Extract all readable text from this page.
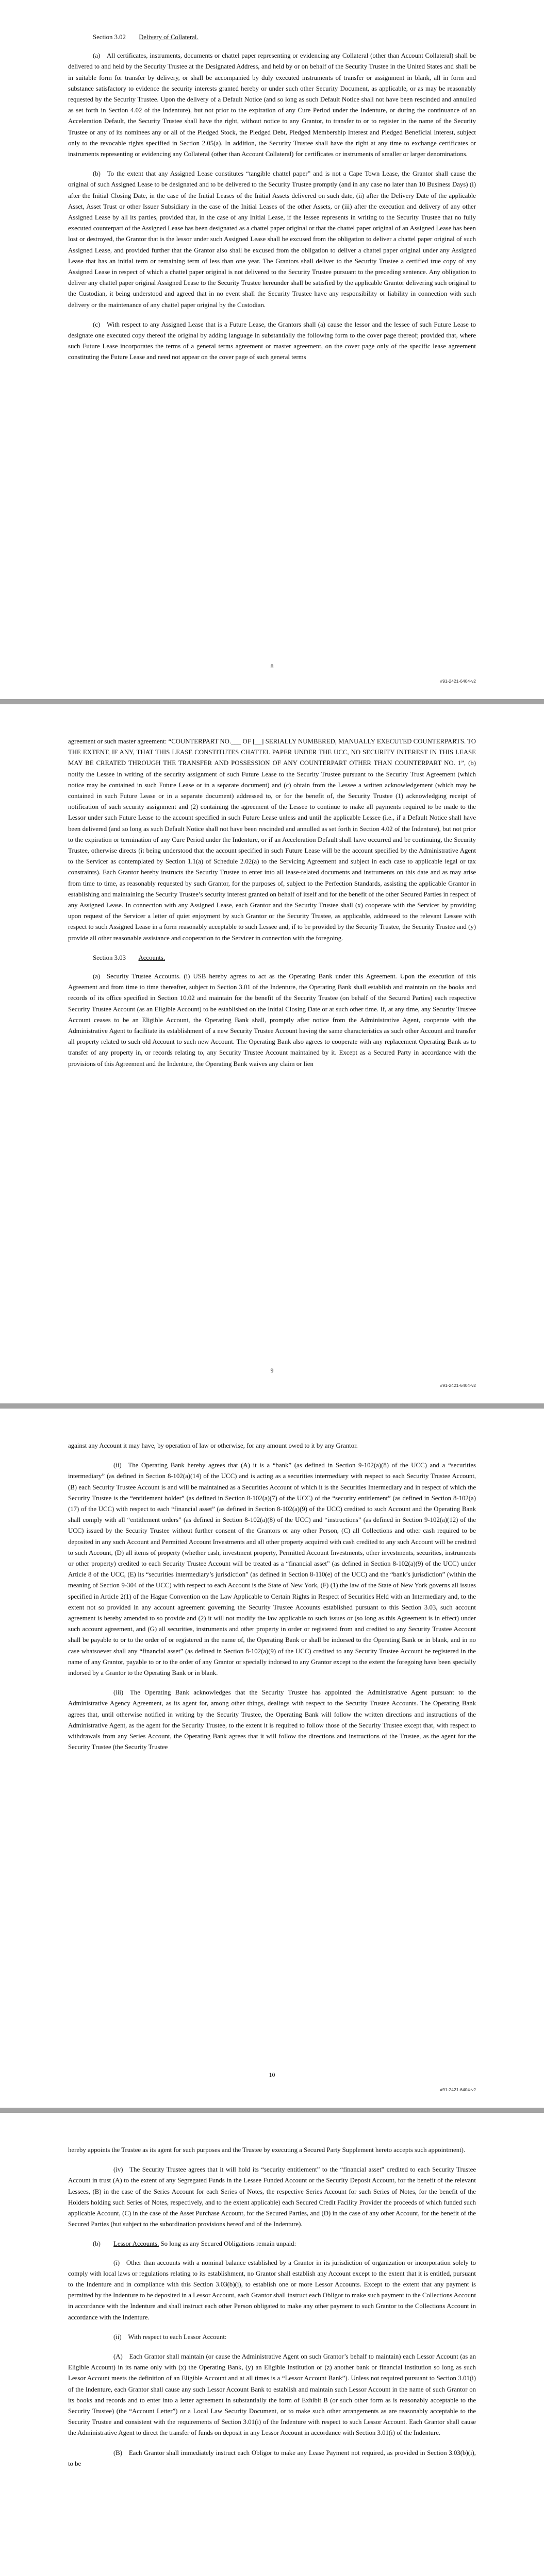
Section 3.02 Delivery of Collateral.

(a) All certificates, instruments, documents or chattel paper representing or evidencing any Collateral (other than Account Collateral) shall be delivered to and held by the Security Trustee at the Designated Address, and held by or on behalf of the Security Trustee in the United States and shall be in suitable form for transfer by delivery, or shall be accompanied by duly executed instruments of transfer or assignment in blank, all in form and substance satisfactory to evidence the security interests granted hereby or under such other Security Document, as applicable, or as may be reasonably requested by the Security Trustee. Upon the delivery of a Default Notice (and so long as such Default Notice shall not have been rescinded and annulled as set forth in Section 4.02 of the Indenture), but not prior to the expiration of any Cure Period under the Indenture, or during the continuance of an Acceleration Default, the Security Trustee shall have the right, without notice to any Grantor, to transfer to or to register in the name of the Security Trustee or any of its nominees any or all of the Pledged Stock, the Pledged Debt, Pledged Membership Interest and Pledged Beneficial Interest, subject only to the revocable rights specified in Section 2.05(a). In addition, the Security Trustee shall have the right at any time to exchange certificates or instruments representing or evidencing any Collateral (other than Account Collateral) for certificates or instruments of smaller or larger denominations.

(b) To the extent that any Assigned Lease constitutes “tangible chattel paper” and is not a Cape Town Lease, the Grantor shall cause the original of such Assigned Lease to be designated and to be delivered to the Security Trustee promptly (and in any case no later than 10 Business Days) (i) after the Initial Closing Date, in the case of the Initial Leases of the Initial Assets delivered on such date, (ii) after the Delivery Date of the applicable Asset, Asset Trust or other Issuer Subsidiary in the case of the Initial Leases of the other Assets, or (iii) after the execution and delivery of any other Assigned Lease by all its parties, provided that, in the case of any Initial Lease, if the lessee represents in writing to the Security Trustee that no fully executed counterpart of the Assigned Lease has been designated as a chattel paper original or that the chattel paper original of an Assigned Lease has been lost or destroyed, the Grantor that is the lessor under such Assigned Lease shall be excused from the obligation to deliver a chattel paper original of such Assigned Lease, and provided further that the Grantor also shall be excused from the obligation to deliver a chattel paper original under any Assigned Lease that has an initial term or remaining term of less than one year. The Grantors shall deliver to the Security Trustee a certified true copy of any Assigned Lease in respect of which a chattel paper original is not delivered to the Security Trustee pursuant to the preceding sentence. Any obligation to deliver any chattel paper original Assigned Lease to the Security Trustee hereunder shall be satisfied by the applicable Grantor delivering such original to the Custodian, it being understood and agreed that in no event shall the Security Trustee have any responsibility or liability in connection with such delivery or the maintenance of any chattel paper original by the Custodian.

(c) With respect to any Assigned Lease that is a Future Lease, the Grantors shall (a) cause the lessor and the lessee of such Future Lease to designate one executed copy thereof the original by adding language in substantially the following form to the cover page thereof; provided that, where such Future Lease incorporates the terms of a general terms agreement or master agreement, on the cover page only of the specific lease agreement constituting the Future Lease and need not appear on the cover page of such general terms

8
#91-2421-6404-v2

agreement or such master agreement: “COUNTERPART NO.___ OF [__] SERIALLY NUMBERED, MANUALLY EXECUTED COUNTERPARTS. TO THE EXTENT, IF ANY, THAT THIS LEASE CONSTITUTES CHATTEL PAPER UNDER THE UCC, NO SECURITY INTEREST IN THIS LEASE MAY BE CREATED THROUGH THE TRANSFER AND POSSESSION OF ANY COUNTERPART OTHER THAN COUNTERPART NO. 1”, (b) notify the Lessee in writing of the security assignment of such Future Lease to the Security Trustee pursuant to the Security Trust Agreement (which notice may be contained in such Future Lease or in a separate document) and (c) obtain from the Lessee a written acknowledgement (which may be contained in such Future Lease or in a separate document) addressed to, or for the benefit of, the Security Trustee (1) acknowledging receipt of notification of such security assignment and (2) containing the agreement of the Lessee to continue to make all payments required to be made to the Lessor under such Future Lease to the account specified in such Future Lease unless and until the applicable Lessee (i.e., if a Default Notice shall have been delivered (and so long as such Default Notice shall not have been rescinded and annulled as set forth in Section 4.02 of the Indenture), but not prior to the expiration or termination of any Cure Period under the Indenture, or if an Acceleration Default shall have occurred and be continuing, the Security Trustee, otherwise directs (it being understood that the account specified in such Future Lease will be the account specified by the Administrative Agent to the Servicer as contemplated by Section 1.1(a) of Schedule 2.02(a) to the Servicing Agreement and subject in each case to applicable legal or tax constraints). Each Grantor hereby instructs the Security Trustee to enter into all lease-related documents and instruments on this date and as may arise from time to time, as reasonably requested by such Grantor, for the purposes of, subject to the Perfection Standards, assisting the applicable Grantor in establishing and maintaining the Security Trustee’s security interest granted on behalf of itself and for the benefit of the other Secured Parties in respect of any Assigned Lease. In connection with any Assigned Lease, each Grantor and the Security Trustee shall (x) cooperate with the Servicer by providing upon request of the Servicer a letter of quiet enjoyment by such Grantor or the Security Trustee, as applicable, addressed to the relevant Lessee with respect to such Assigned Lease in a form reasonably acceptable to such Lessee and, if to be provided by the Security Trustee, the Security Trustee and (y) provide all other reasonable assistance and cooperation to the Servicer in connection with the foregoing.

Section 3.03 Accounts.

(a) Security Trustee Accounts. (i) USB hereby agrees to act as the Operating Bank under this Agreement. Upon the execution of this Agreement and from time to time thereafter, subject to Section 3.01 of the Indenture, the Operating Bank shall establish and maintain on the books and records of its office specified in Section 10.02 and maintain for the benefit of the Security Trustee (on behalf of the Secured Parties) each respective Security Trustee Account (as an Eligible Account) to be established on the Initial Closing Date or at such other time. If, at any time, any Security Trustee Account ceases to be an Eligible Account, the Operating Bank shall, promptly after notice from the Administrative Agent, cooperate with the Administrative Agent to facilitate its establishment of a new Security Trustee Account having the same characteristics as such other Account and transfer all property related to such old Account to such new Account. The Operating Bank also agrees to cooperate with any replacement Operating Bank as to transfer of any property in, or records relating to, any Security Trustee Account maintained by it. Except as a Secured Party in accordance with the provisions of this Agreement and the Indenture, the Operating Bank waives any claim or lien

9
#91-2421-6404-v2

against any Account it may have, by operation of law or otherwise, for any amount owed to it by any Grantor.

(ii) The Operating Bank hereby agrees that (A) it is a “bank” (as defined in Section 9-102(a)(8) of the UCC) and a “securities intermediary” (as defined in Section 8-102(a)(14) of the UCC) and is acting as a securities intermediary with respect to each Security Trustee Account, (B) each Security Trustee Account is and will be maintained as a Securities Account of which it is the Securities Intermediary and in respect of which the Security Trustee is the “entitlement holder” (as defined in Section 8-102(a)(7) of the UCC) of the “security entitlement” (as defined in Section 8-102(a)(17) of the UCC) with respect to each “financial asset” (as defined in Section 8-102(a)(9) of the UCC) credited to such Account and the Operating Bank shall comply with all “entitlement orders” (as defined in Section 8-102(a)(8) of the UCC) and “instructions” (as defined in Section 9-102(a)(12) of the UCC) issued by the Security Trustee without further consent of the Grantors or any other Person, (C) all Collections and other cash required to be deposited in any such Account and Permitted Account Investments and all other property acquired with cash credited to any such Account will be credited to such Account, (D) all items of property (whether cash, investment property, Permitted Account Investments, other investments, securities, instruments or other property) credited to each Security Trustee Account will be treated as a “financial asset” (as defined in Section 8-102(a)(9) of the UCC) under Article 8 of the UCC, (E) its “securities intermediary’s jurisdiction” (as defined in Section 8-110(e) of the UCC) and the “bank’s jurisdiction” (within the meaning of Section 9-304 of the UCC) with respect to each Account is the State of New York, (F) (1) the law of the State of New York governs all issues specified in Article 2(1) of the Hague Convention on the Law Applicable to Certain Rights in Respect of Securities Held with an Intermediary and, to the extent not so provided in any account agreement governing the Security Trustee Accounts established pursuant to this Section 3.03, such account agreement is hereby amended to so provide and (2) it will not modify the law applicable to such issues or (so long as this Agreement is in effect) under such account agreement, and (G) all securities, instruments and other property in order or registered from and credited to any Security Trustee Account shall be payable to or to the order of or registered in the name of, the Operating Bank or shall be indorsed to the Operating Bank or in blank, and in no case whatsoever shall any “financial asset” (as defined in Section 8-102(a)(9) of the UCC) credited to any Security Trustee Account be registered in the name of any Grantor, payable to or to the order of any Grantor or specially indorsed to any Grantor except to the extent the foregoing have been specially indorsed by a Grantor to the Operating Bank or in blank.

(iii) The Operating Bank acknowledges that the Security Trustee has appointed the Administrative Agent pursuant to the Administrative Agency Agreement, as its agent for, among other things, dealings with respect to the Security Trustee Accounts. The Operating Bank agrees that, until otherwise notified in writing by the Security Trustee, the Operating Bank will follow the written directions and instructions of the Administrative Agent, as the agent for the Security Trustee, to the extent it is required to follow those of the Security Trustee except that, with respect to withdrawals from any Series Account, the Operating Bank agrees that it will follow the directions and instructions of the Trustee, as the agent for the Security Trustee (the Security Trustee

10
#91-2421-6404-v2

hereby appoints the Trustee as its agent for such purposes and the Trustee by executing a Secured Party Supplement hereto accepts such appointment).

(iv) The Security Trustee agrees that it will hold its “security entitlement” to the “financial asset” credited to each Security Trustee Account in trust (A) to the extent of any Segregated Funds in the Lessee Funded Account or the Security Deposit Account, for the benefit of the relevant Lessees, (B) in the case of the Series Account for each Series of Notes, the respective Series Account for such Series of Notes, for the benefit of the Holders holding such Series of Notes, respectively, and to the extent applicable) each Secured Credit Facility Provider the proceeds of which funded such applicable Account, (C) in the case of the Asset Purchase Account, for the Secured Parties, and (D) in the case of any other Account, for the benefit of the Secured Parties (but subject to the subordination provisions hereof and of the Indenture).

(b) Lessor Accounts. So long as any Secured Obligations remain unpaid:

(i) Other than accounts with a nominal balance established by a Grantor in its jurisdiction of organization or incorporation solely to comply with local laws or regulations relating to its establishment, no Grantor shall establish any Account except to the extent that it is entitled, pursuant to the Indenture and in compliance with this Section 3.03(b)(i), to establish one or more Lessor Accounts. Except to the extent that any payment is permitted by the Indenture to be deposited in a Lessor Account, each Grantor shall instruct each Obligor to make such payment to the Collections Account in accordance with the Indenture and shall instruct each other Person obligated to make any other payment to such Grantor to the Collections Account in accordance with the Indenture.

(ii) With respect to each Lessor Account:

(A) Each Grantor shall maintain (or cause the Administrative Agent on such Grantor’s behalf to maintain) each Lessor Account (as an Eligible Account) in its name only with (x) the Operating Bank, (y) an Eligible Institution or (z) another bank or financial institution so long as such Lessor Account meets the definition of an Eligible Account and at all times is a “Lessor Account Bank”). Unless not required pursuant to Section 3.01(i) of the Indenture, each Grantor shall cause any such Lessor Account Bank to establish and maintain such Lessor Account in the name of such Grantor on its books and records and to enter into a letter agreement in substantially the form of Exhibit B (or such other form as is reasonably acceptable to the Security Trustee) (the “Account Letter”) or a Local Law Security Document, or to make such other arrangements as are reasonably acceptable to the Security Trustee and consistent with the requirements of Section 3.01(i) of the Indenture with respect to such Lessor Account. Each Grantor shall cause the Administrative Agent to direct the transfer of funds on deposit in any Lessor Account in accordance with Section 3.01(i) of the Indenture.

(B) Each Grantor shall immediately instruct each Obligor to make any Lease Payment not required, as provided in Section 3.03(b)(i), to be
